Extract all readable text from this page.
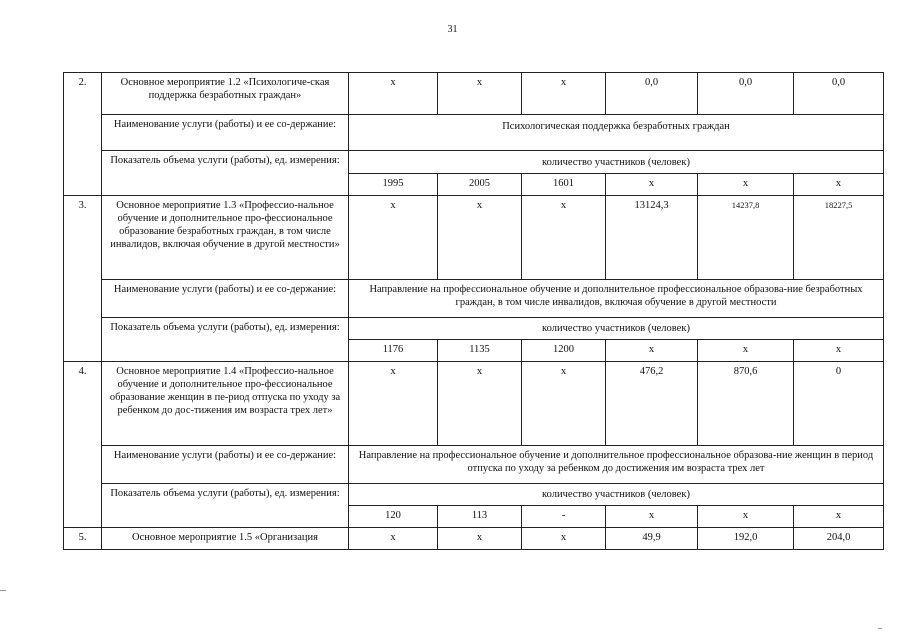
31
2.	Основное мероприятие 1.2 «Психологиче-ская поддержка безработных граждан»	х	х	х	0,0	0,0	0,0
	Наименование услуги (работы) и ее со-держание:	Психологическая поддержка безработных граждан					
	Показатель объема услуги (работы), ед. измерения:	количество участников (человек)					
		1995	2005	1601	х	х	х
3.	Основное мероприятие 1.3 «Профессио-нальное обучение и дополнительное про-фессиональное образование безработных граждан, в том числе инвалидов, включая обучение в другой местности»	х	х	х	13124,3	14237,8	18227,5
	Наименование услуги (работы) и ее со-держание:	Направление на профессиональное обучение и дополнительное профессиональное образова-ние безработных граждан, в том числе инвалидов, включая обучение в другой местности					
	Показатель объема услуги (работы), ед. измерения:	количество участников (человек)					
		1176	1135	1200	х	х	х
4.	Основное мероприятие 1.4 «Профессио-нальное обучение и дополнительное про-фессиональное образование женщин в пе-риод отпуска по уходу за ребенком до дос-тижения им возраста трех лет»	х	х	х	476,2	870,6	0
	Наименование услуги (работы) и ее со-держание:	Направление на профессиональное обучение и дополнительное профессиональное образова-ние женщин в период отпуска по уходу за ребенком до достижения им возраста трех лет					
	Показатель объема услуги (работы), ед. измерения:	количество участников (человек)					
		120	113	-	х	х	х
5.	Основное мероприятие 1.5 «Организация	х	х	х	49,9	192,0	204,0
